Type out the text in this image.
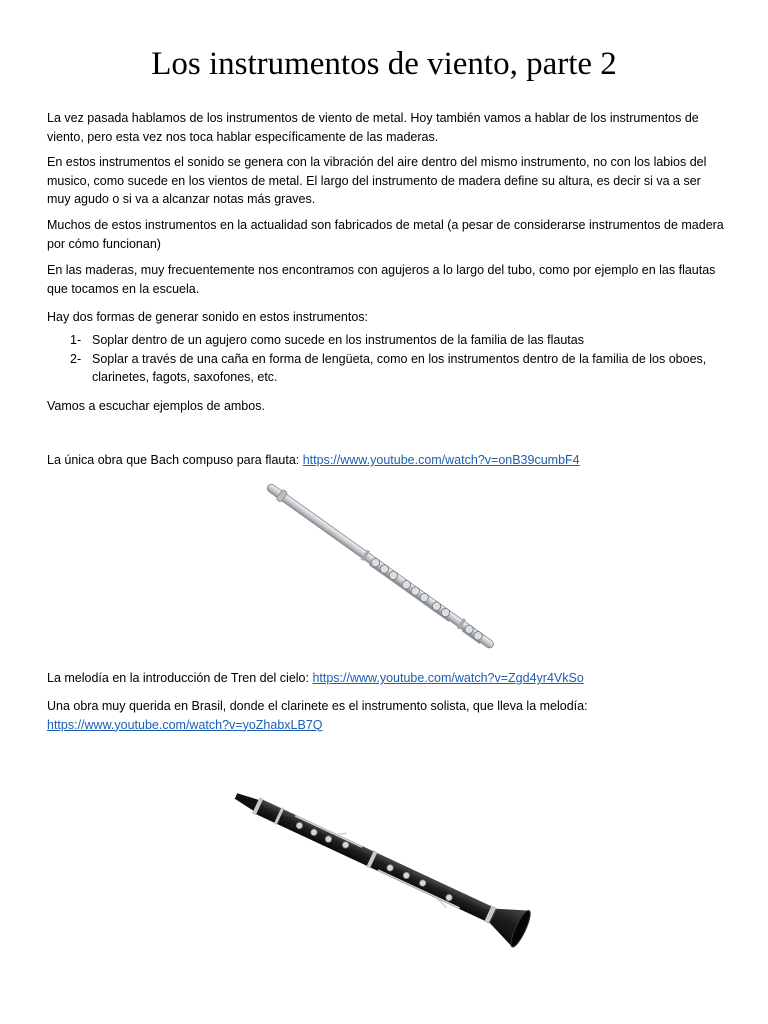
Los instrumentos de viento, parte 2

La vez pasada hablamos de los instrumentos de viento de metal. Hoy también vamos a hablar de los instrumentos de viento, pero esta vez nos toca hablar específicamente de las maderas.

En estos instrumentos el sonido se genera con la vibración del aire dentro del mismo instrumento, no con los labios del musico, como sucede en los vientos de metal. El largo del instrumento de madera define su altura, es decir si va a ser muy agudo o si va a alcanzar notas más graves.

Muchos de estos instrumentos en la actualidad son fabricados de metal (a pesar de considerarse instrumentos de madera por cómo funcionan)

En las maderas, muy frecuentemente nos encontramos con agujeros a lo largo del tubo, como por ejemplo en las flautas que tocamos en la escuela.

Hay dos formas de generar sonido en estos instrumentos:

1- Soplar dentro de un agujero como sucede en los instrumentos de la familia de las flautas
2- Soplar a través de una caña en forma de lengüeta, como en los instrumentos dentro de la familia de los oboes, clarinetes, fagots, saxofones, etc.

Vamos a escuchar ejemplos de ambos.

La única obra que Bach compuso para flauta: https://www.youtube.com/watch?v=onB39cumbF4

La melodía en la introducción de Tren del cielo: https://www.youtube.com/watch?v=Zgd4yr4VkSo

Una obra muy querida en Brasil, donde el clarinete es el instrumento solista, que lleva la melodía:
https://www.youtube.com/watch?v=yoZhabxLB7Q
